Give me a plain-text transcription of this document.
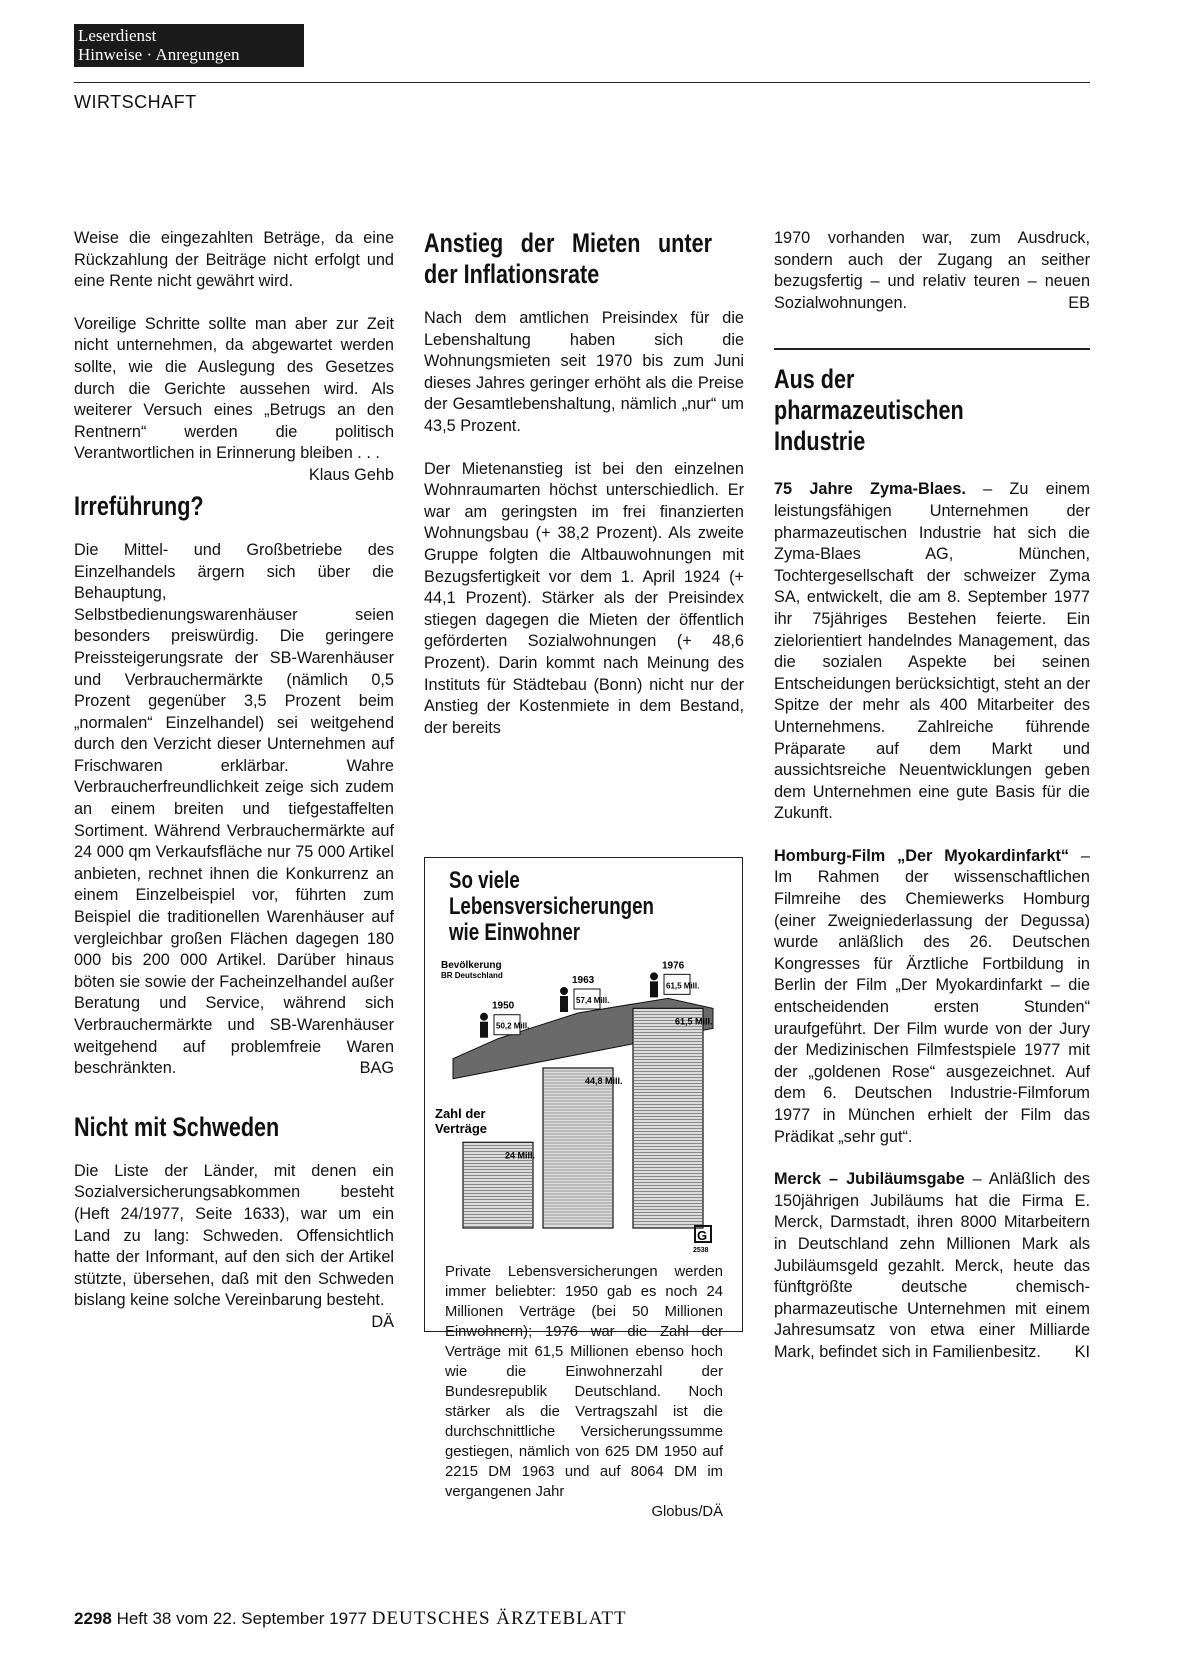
Leserdienst
Hinweise · Anregungen
WIRTSCHAFT

Weise die eingezahlten Beträge, da eine Rückzahlung der Beiträge nicht erfolgt und eine Rente nicht gewährt wird.

Voreilige Schritte sollte man aber zur Zeit nicht unternehmen, da abgewartet werden sollte, wie die Auslegung des Gesetzes durch die Gerichte aussehen wird. Als weiterer Versuch eines „Betrugs an den Rentnern“ werden die politisch Verantwortlichen in Erinnerung bleiben . . .
Klaus Gehb

Irreführung?

Die Mittel- und Großbetriebe des Einzelhandels ärgern sich über die Behauptung, Selbstbedienungswarenhäuser seien besonders preiswürdig. Die geringere Preissteigerungsrate der SB-Warenhäuser und Verbrauchermärkte (nämlich 0,5 Prozent gegenüber 3,5 Prozent beim „normalen“ Einzelhandel) sei weitgehend durch den Verzicht dieser Unternehmen auf Frischwaren erklärbar. Wahre Verbraucherfreundlichkeit zeige sich zudem an einem breiten und tiefgestaffelten Sortiment. Während Verbrauchermärkte auf 24 000 qm Verkaufsfläche nur 75 000 Artikel anbieten, rechnet ihnen die Konkurrenz an einem Einzelbeispiel vor, führten zum Beispiel die traditionellen Warenhäuser auf vergleichbar großen Flächen dagegen 180 000 bis 200 000 Artikel. Darüber hinaus böten sie sowie der Facheinzelhandel außer Beratung und Service, während sich Verbrauchermärkte und SB-Warenhäuser weitgehend auf problemfreie Waren beschränkten.	BAG

Nicht mit Schweden

Die Liste der Länder, mit denen ein Sozialversicherungsabkommen besteht (Heft 24/1977, Seite 1633), war um ein Land zu lang: Schweden. Offensichtlich hatte der Informant, auf den sich der Artikel stützte, übersehen, daß mit den Schweden bislang keine solche Vereinbarung besteht.
DÄ

Anstieg der Mieten unter der Inflationsrate

Nach dem amtlichen Preisindex für die Lebenshaltung haben sich die Wohnungsmieten seit 1970 bis zum Juni dieses Jahres geringer erhöht als die Preise der Gesamtlebenshaltung, nämlich „nur“ um 43,5 Prozent.

Der Mietenanstieg ist bei den einzelnen Wohnraumarten höchst unterschiedlich. Er war am geringsten im frei finanzierten Wohnungsbau (+ 38,2 Prozent). Als zweite Gruppe folgten die Altbauwohnungen mit Bezugsfertigkeit vor dem 1. April 1924 (+ 44,1 Prozent). Stärker als der Preisindex stiegen dagegen die Mieten der öffentlich geförderten Sozialwohnungen (+ 48,6 Prozent). Darin kommt nach Meinung des Instituts für Städtebau (Bonn) nicht nur der Anstieg der Kostenmiete in dem Bestand, der bereits

So viele
Lebensversicherungen
wie Einwohner
Bevölkerung
BR Deutschland
Zahl der
Verträge
24 Mill.
50,2 Mill.
1950
44,8 Mill.
57,4 Mill.
1963
61,5 Mill.
61,5 Mill.
1976
G
2538
Private Lebensversicherungen werden immer beliebter: 1950 gab es noch 24 Millionen Verträge (bei 50 Millionen Einwohnern); 1976 war die Zahl der Verträge mit 61,5 Millionen ebenso hoch wie die Einwohnerzahl der Bundesrepublik Deutschland. Noch stärker als die Vertragszahl ist die durchschnittliche Versicherungssumme gestiegen, nämlich von 625 DM 1950 auf 2215 DM 1963 und auf 8064 DM im vergangenen Jahr
Globus/DÄ

1970 vorhanden war, zum Ausdruck, sondern auch der Zugang an seither bezugsfertig – und relativ teuren – neuen Sozialwohnungen.	EB

Aus der
pharmazeutischen
Industrie

75 Jahre Zyma-Blaes. – Zu einem leistungsfähigen Unternehmen der pharmazeutischen Industrie hat sich die Zyma-Blaes AG, München, Tochtergesellschaft der schweizer Zyma SA, entwickelt, die am 8. September 1977 ihr 75jähriges Bestehen feierte. Ein zielorientiert handelndes Management, das die sozialen Aspekte bei seinen Entscheidungen berücksichtigt, steht an der Spitze der mehr als 400 Mitarbeiter des Unternehmens. Zahlreiche führende Präparate auf dem Markt und aussichtsreiche Neuentwicklungen geben dem Unternehmen eine gute Basis für die Zukunft.

Homburg-Film „Der Myokardinfarkt“ – Im Rahmen der wissenschaftlichen Filmreihe des Chemiewerks Homburg (einer Zweigniederlassung der Degussa) wurde anläßlich des 26. Deutschen Kongresses für Ärztliche Fortbildung in Berlin der Film „Der Myokardinfarkt – die entscheidenden ersten Stunden“ uraufgeführt. Der Film wurde von der Jury der Medizinischen Filmfestspiele 1977 mit der „goldenen Rose“ ausgezeichnet. Auf dem 6. Deutschen Industrie-Filmforum 1977 in München erhielt der Film das Prädikat „sehr gut“.

Merck – Jubiläumsgabe – Anläßlich des 150jährigen Jubiläums hat die Firma E. Merck, Darmstadt, ihren 8000 Mitarbeitern in Deutschland zehn Millionen Mark als Jubiläumsgeld gezahlt. Merck, heute das fünftgrößte deutsche chemisch-pharmazeutische Unternehmen mit einem Jahresumsatz von etwa einer Milliarde Mark, befindet sich in Familienbesitz. KI

2298 Heft 38 vom 22. September 1977 DEUTSCHES ÄRZTEBLATT
